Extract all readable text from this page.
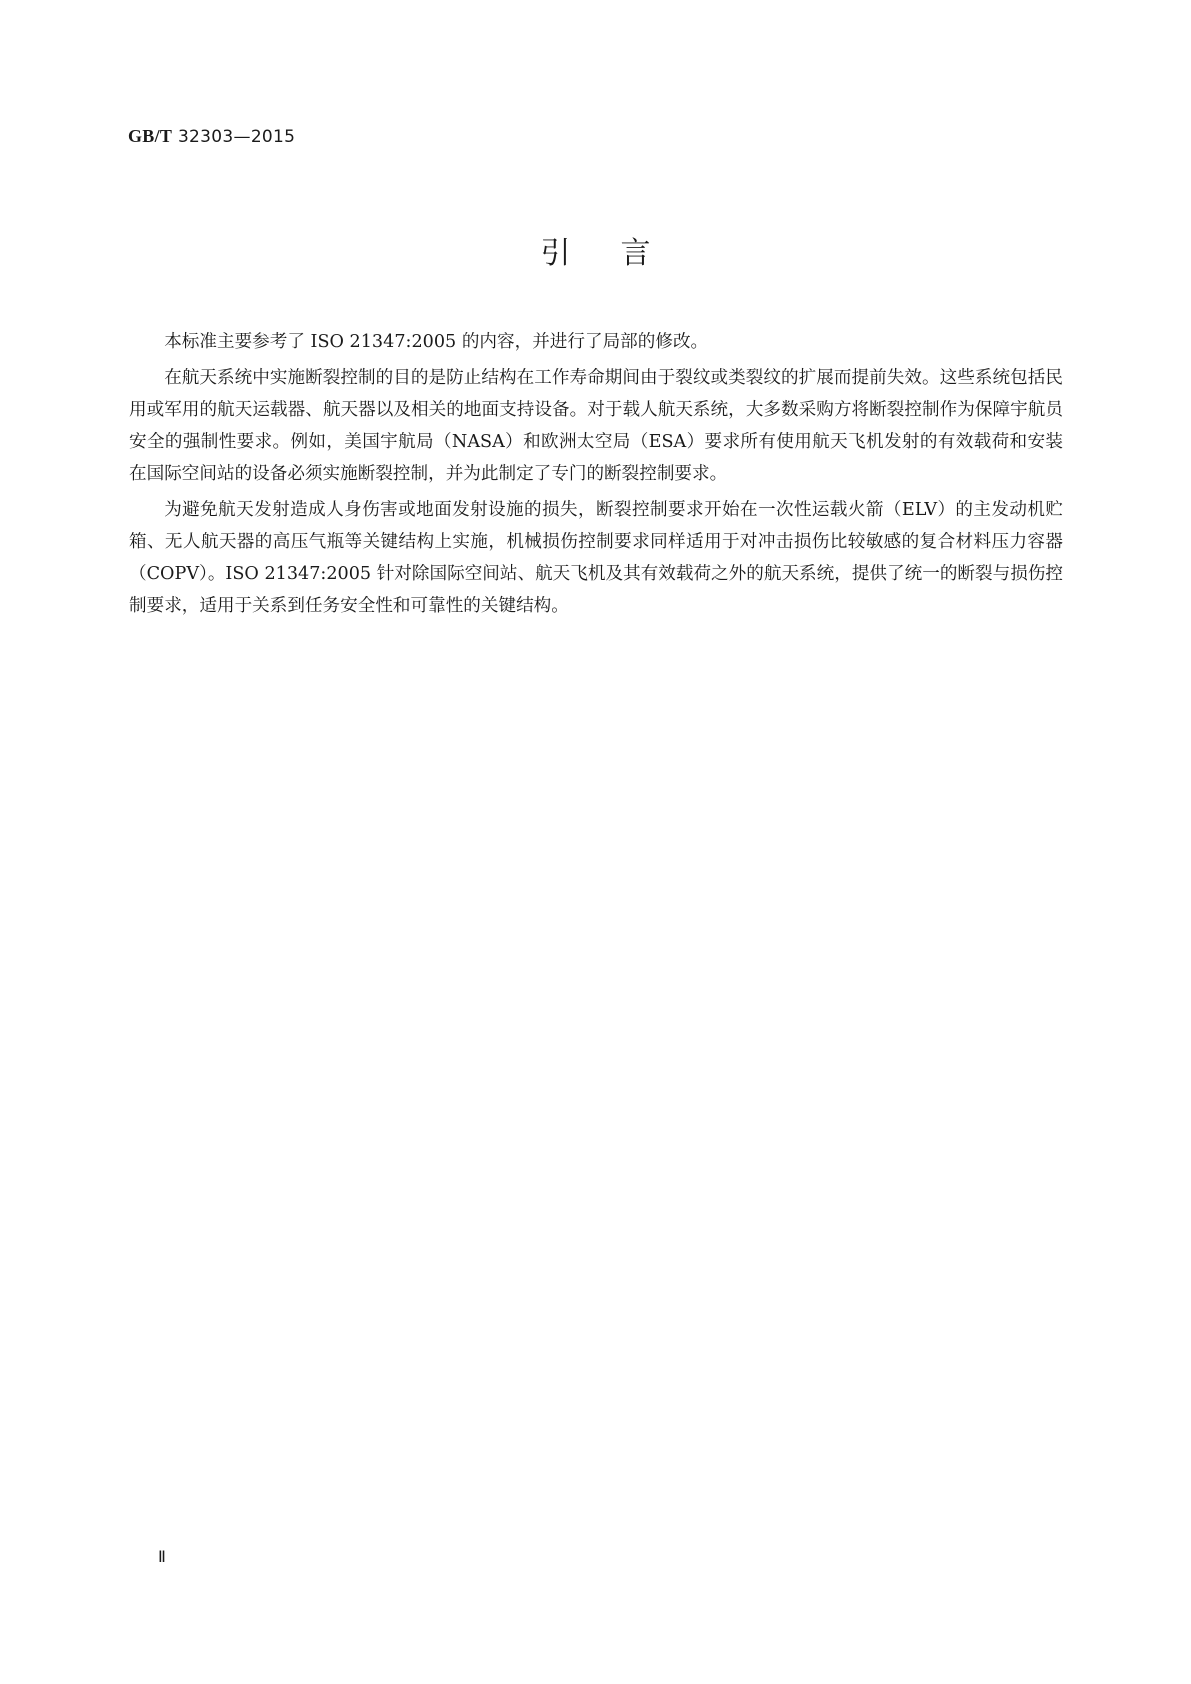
GB/T 32303—2015
引言

本标准主要参考了 ISO 21347:2005 的内容，并进行了局部的修改。

在航天系统中实施断裂控制的目的是防止结构在工作寿命期间由于裂纹或类裂纹的扩展而提前失效。这些系统包括民用或军用的航天运载器、航天器以及相关的地面支持设备。对于载人航天系统，大多数采购方将断裂控制作为保障宇航员安全的强制性要求。例如，美国宇航局（NASA）和欧洲太空局（ESA）要求所有使用航天飞机发射的有效载荷和安装在国际空间站的设备必须实施断裂控制，并为此制定了专门的断裂控制要求。

为避免航天发射造成人身伤害或地面发射设施的损失，断裂控制要求开始在一次性运载火箭（ELV）的主发动机贮箱、无人航天器的高压气瓶等关键结构上实施，机械损伤控制要求同样适用于对冲击损伤比较敏感的复合材料压力容器（COPV）。ISO 21347:2005 针对除国际空间站、航天飞机及其有效载荷之外的航天系统，提供了统一的断裂与损伤控制要求，适用于关系到任务安全性和可靠性的关键结构。

Ⅱ
